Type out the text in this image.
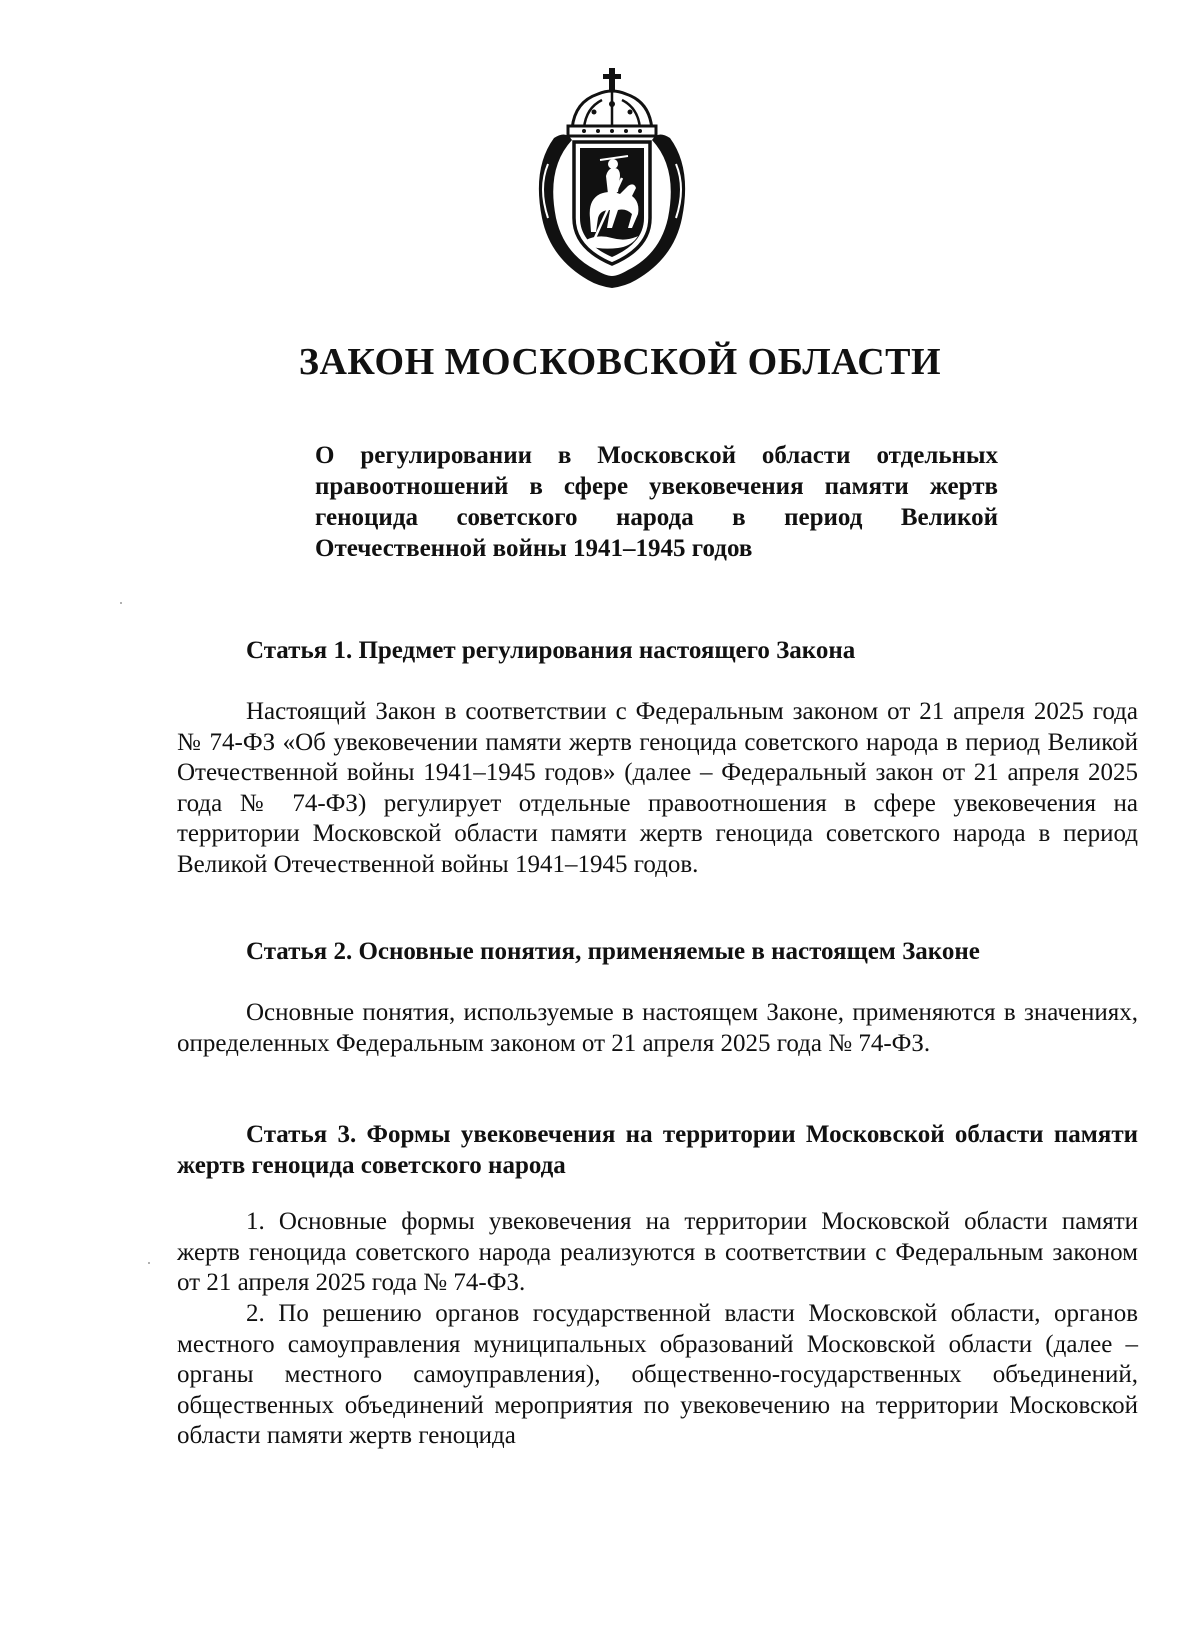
ЗАКОН МОСКОВСКОЙ ОБЛАСТИ

О регулировании в Московской области отдельных правоотношений в сфере увековечения памяти жертв геноцида советского народа в период Великой Отечественной войны 1941–1945 годов

Статья 1. Предмет регулирования настоящего Закона

Настоящий Закон в соответствии с Федеральным законом от 21 апреля 2025 года № 74-ФЗ «Об увековечении памяти жертв геноцида советского народа в период Великой Отечественной войны 1941–1945 годов» (далее – Федеральный закон от 21 апреля 2025 года № 74-ФЗ) регулирует отдельные правоотношения в сфере увековечения на территории Московской области памяти жертв геноцида советского народа в период Великой Отечественной войны 1941–1945 годов.

Статья 2. Основные понятия, применяемые в настоящем Законе

Основные понятия, используемые в настоящем Законе, применяются в значениях, определенных Федеральным законом от 21 апреля 2025 года № 74-ФЗ.

Статья 3. Формы увековечения на территории Московской области памяти жертв геноцида советского народа

1. Основные формы увековечения на территории Московской области памяти жертв геноцида советского народа реализуются в соответствии с Федеральным законом от 21 апреля 2025 года № 74-ФЗ.

2. По решению органов государственной власти Московской области, органов местного самоуправления муниципальных образований Московской области (далее – органы местного самоуправления), общественно-государственных объединений, общественных объединений мероприятия по увековечению на территории Московской области памяти жертв геноцида
